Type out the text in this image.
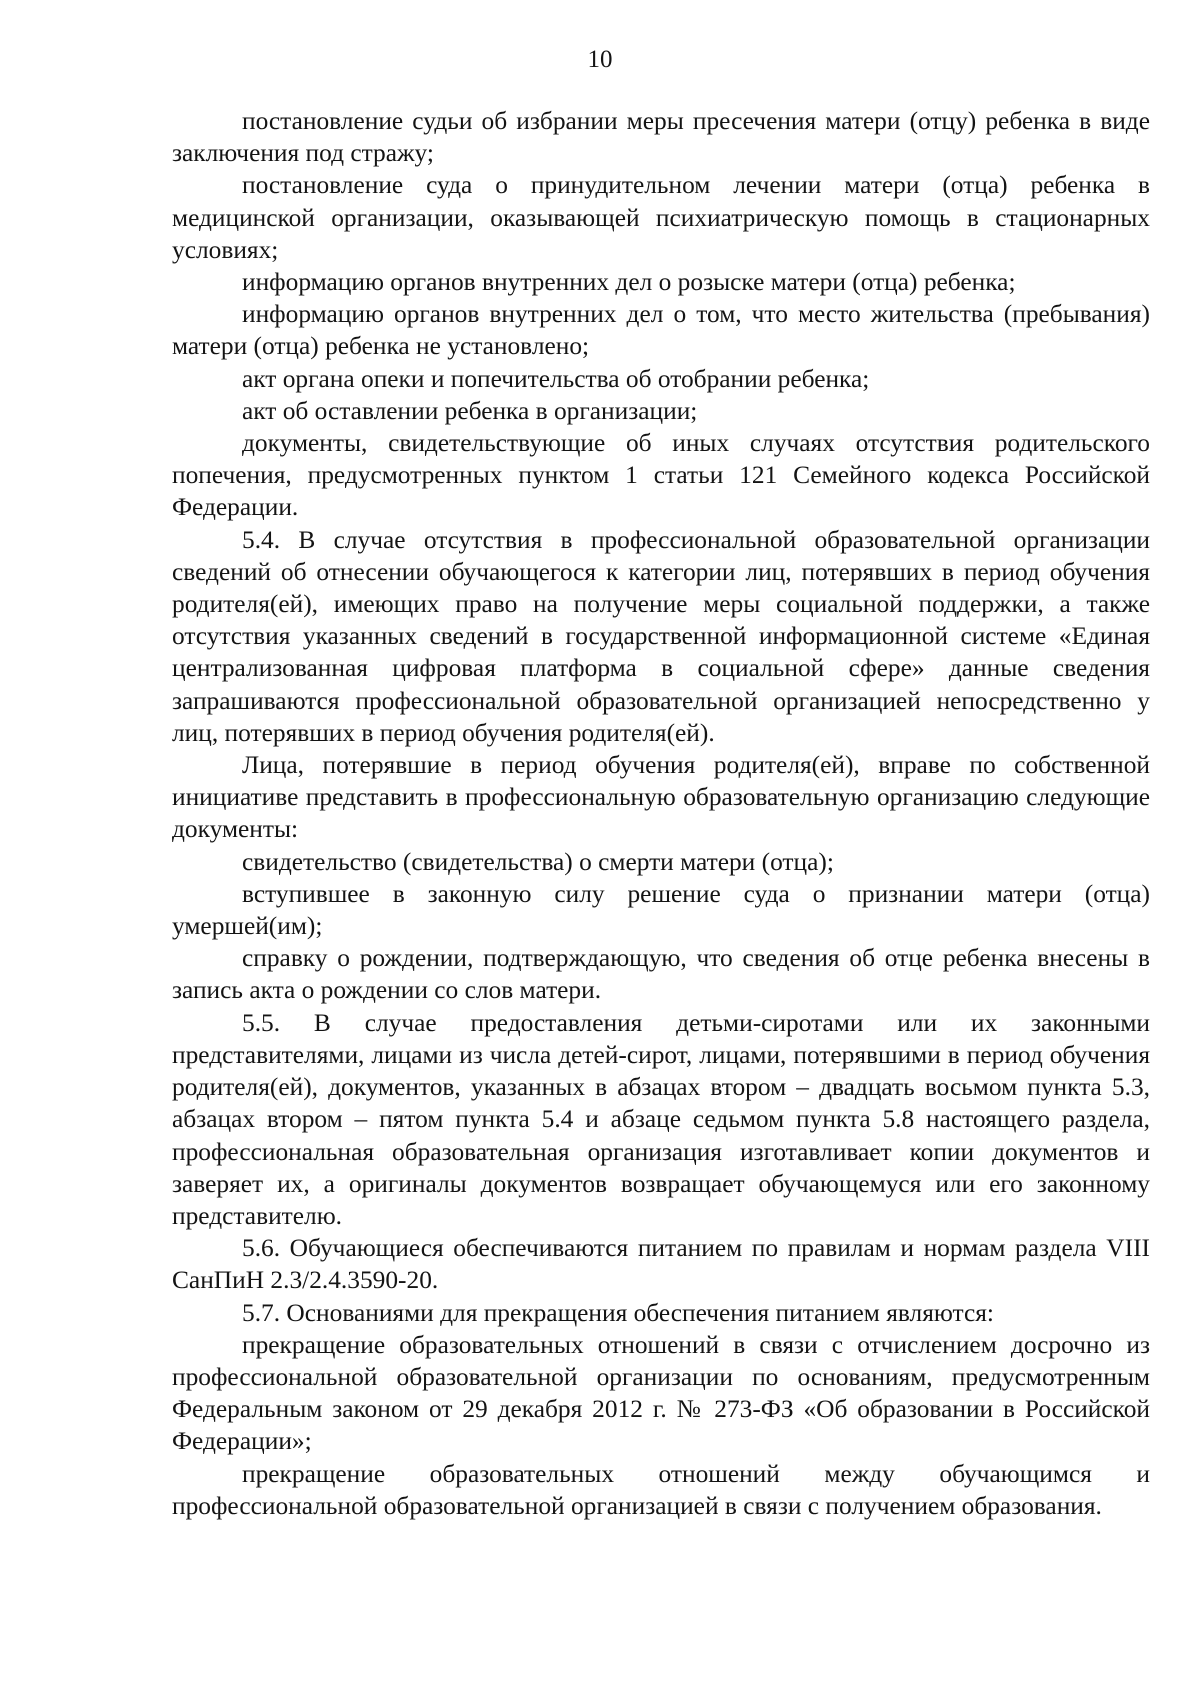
10

постановление судьи об избрании меры пресечения матери (отцу) ребенка в виде заключения под стражу;

постановление суда о принудительном лечении матери (отца) ребенка в медицинской организации, оказывающей психиатрическую помощь в стационарных условиях;

информацию органов внутренних дел о розыске матери (отца) ребенка;

информацию органов внутренних дел о том, что место жительства (пребывания) матери (отца) ребенка не установлено;

акт органа опеки и попечительства об отобрании ребенка;

акт об оставлении ребенка в организации;

документы, свидетельствующие об иных случаях отсутствия родительского попечения, предусмотренных пунктом 1 статьи 121 Семейного кодекса Российской Федерации.

5.4. В случае отсутствия в профессиональной образовательной организации сведений об отнесении обучающегося к категории лиц, потерявших в период обучения родителя(ей), имеющих право на получение меры социальной поддержки, а также отсутствия указанных сведений в государственной информационной системе «Единая централизованная цифровая платформа в социальной сфере» данные сведения запрашиваются профессиональной образовательной организацией непосредственно у лиц, потерявших в период обучения родителя(ей).

Лица, потерявшие в период обучения родителя(ей), вправе по собственной инициативе представить в профессиональную образовательную организацию следующие документы:

свидетельство (свидетельства) о смерти матери (отца);

вступившее в законную силу решение суда о признании матери (отца) умершей(им);

справку о рождении, подтверждающую, что сведения об отце ребенка внесены в запись акта о рождении со слов матери.

5.5. В случае предоставления детьми-сиротами или их законными представителями, лицами из числа детей-сирот, лицами, потерявшими в период обучения родителя(ей), документов, указанных в абзацах втором – двадцать восьмом пункта 5.3, абзацах втором – пятом пункта 5.4 и абзаце седьмом пункта 5.8 настоящего раздела, профессиональная образовательная организация изготавливает копии документов и заверяет их, а оригиналы документов возвращает обучающемуся или его законному представителю.

5.6. Обучающиеся обеспечиваются питанием по правилам и нормам раздела VIII СанПиН 2.3/2.4.3590-20.

5.7. Основаниями для прекращения обеспечения питанием являются:

прекращение образовательных отношений в связи с отчислением досрочно из профессиональной образовательной организации по основаниям, предусмотренным Федеральным законом от 29 декабря 2012 г. № 273-ФЗ «Об образовании в Российской Федерации»;

прекращение образовательных отношений между обучающимся и профессиональной образовательной организацией в связи с получением образования.
